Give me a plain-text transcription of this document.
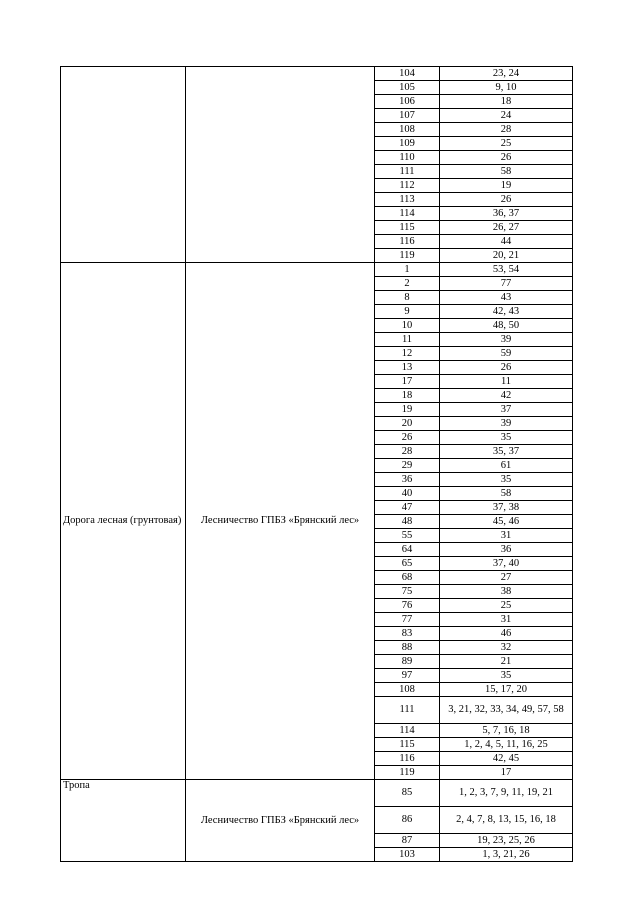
		104	23, 24
		105	9, 10
		106	18
		107	24
		108	28
		109	25
		110	26
		111	58
		112	19
		113	26
		114	36, 37
		115	26, 27
		116	44
		119	20, 21
Дорога лесная (грунтовая)	Лесничество ГПБЗ «Брянский лес»	1	53, 54
		2	77
		8	43
		9	42, 43
		10	48, 50
		11	39
		12	59
		13	26
		17	11
		18	42
		19	37
		20	39
		26	35
		28	35, 37
		29	61
		36	35
		40	58
		47	37, 38
		48	45, 46
		55	31
		64	36
		65	37, 40
		68	27
		75	38
		76	25
		77	31
		83	46
		88	32
		89	21
		97	35
		108	15, 17, 20
		111	3, 21, 32, 33, 34, 49, 57, 58
		114	5, 7, 16, 18
		115	1, 2, 4, 5, 11, 16, 25
		116	42, 45
		119	17
Тропа	Лесничество ГПБЗ «Брянский лес»	85	1, 2, 3, 7, 9, 11, 19, 21
		86	2, 4, 7, 8, 13, 15, 16, 18
		87	19, 23, 25, 26
		103	1, 3, 21, 26
